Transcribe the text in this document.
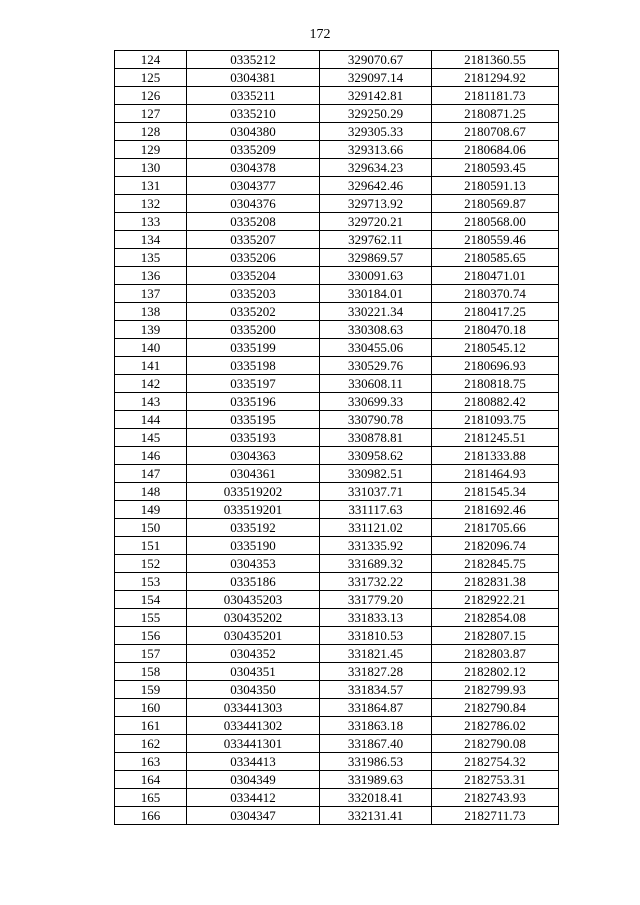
172
124	0335212	329070.67	2181360.55
125	0304381	329097.14	2181294.92
126	0335211	329142.81	2181181.73
127	0335210	329250.29	2180871.25
128	0304380	329305.33	2180708.67
129	0335209	329313.66	2180684.06
130	0304378	329634.23	2180593.45
131	0304377	329642.46	2180591.13
132	0304376	329713.92	2180569.87
133	0335208	329720.21	2180568.00
134	0335207	329762.11	2180559.46
135	0335206	329869.57	2180585.65
136	0335204	330091.63	2180471.01
137	0335203	330184.01	2180370.74
138	0335202	330221.34	2180417.25
139	0335200	330308.63	2180470.18
140	0335199	330455.06	2180545.12
141	0335198	330529.76	2180696.93
142	0335197	330608.11	2180818.75
143	0335196	330699.33	2180882.42
144	0335195	330790.78	2181093.75
145	0335193	330878.81	2181245.51
146	0304363	330958.62	2181333.88
147	0304361	330982.51	2181464.93
148	033519202	331037.71	2181545.34
149	033519201	331117.63	2181692.46
150	0335192	331121.02	2181705.66
151	0335190	331335.92	2182096.74
152	0304353	331689.32	2182845.75
153	0335186	331732.22	2182831.38
154	030435203	331779.20	2182922.21
155	030435202	331833.13	2182854.08
156	030435201	331810.53	2182807.15
157	0304352	331821.45	2182803.87
158	0304351	331827.28	2182802.12
159	0304350	331834.57	2182799.93
160	033441303	331864.87	2182790.84
161	033441302	331863.18	2182786.02
162	033441301	331867.40	2182790.08
163	0334413	331986.53	2182754.32
164	0304349	331989.63	2182753.31
165	0334412	332018.41	2182743.93
166	0304347	332131.41	2182711.73
